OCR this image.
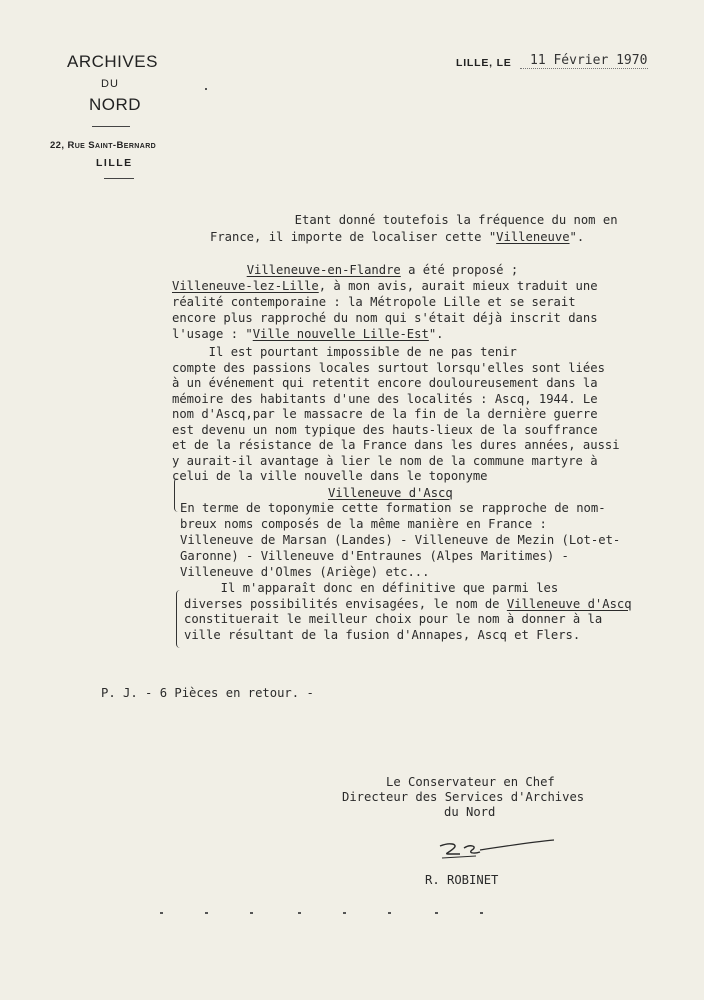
ARCHIVES
DU
NORD
22, Rue Saint-Bernard
LILLE
LILLE, LE 11 Février 1970
Etant donné toutefois la fréquence du nom en
France, il importe de localiser cette "Villeneuve".
Villeneuve-en-Flandre a été proposé ;
Villeneuve-lez-Lille, à mon avis, aurait mieux traduit une
réalité contemporaine : la Métropole Lille et se serait
encore plus rapproché du nom qui s'était déjà inscrit dans
l'usage : "Ville nouvelle Lille-Est".
Il est pourtant impossible de ne pas tenir
compte des passions locales surtout lorsqu'elles sont liées
à un événement qui retentit encore douloureusement dans la
mémoire des habitants d'une des localités : Ascq, 1944. Le
nom d'Ascq,par le massacre de la fin de la dernière guerre
est devenu un nom typique des hauts-lieux de la souffrance
et de la résistance de la France dans les dures années, aussi
y aurait-il avantage à lier le nom de la commune martyre à
celui de la ville nouvelle dans le toponyme
Villeneuve d'Ascq
En terme de toponymie cette formation se rapproche de nom-
breux noms composés de la même manière en France :
Villeneuve de Marsan (Landes) - Villeneuve de Mezin (Lot-et-
Garonne) - Villeneuve d'Entraunes (Alpes Maritimes) -
Villeneuve d'Olmes (Ariège) etc...
Il m'apparaît donc en définitive que parmi les
diverses possibilités envisagées, le nom de Villeneuve d'Ascq
constituerait le meilleur choix pour le nom à donner à la
ville résultant de la fusion d'Annapes, Ascq et Flers.
P. J. - 6 Pièces en retour. -
Le Conservateur en Chef
Directeur des Services d'Archives
du Nord
R. ROBINET
